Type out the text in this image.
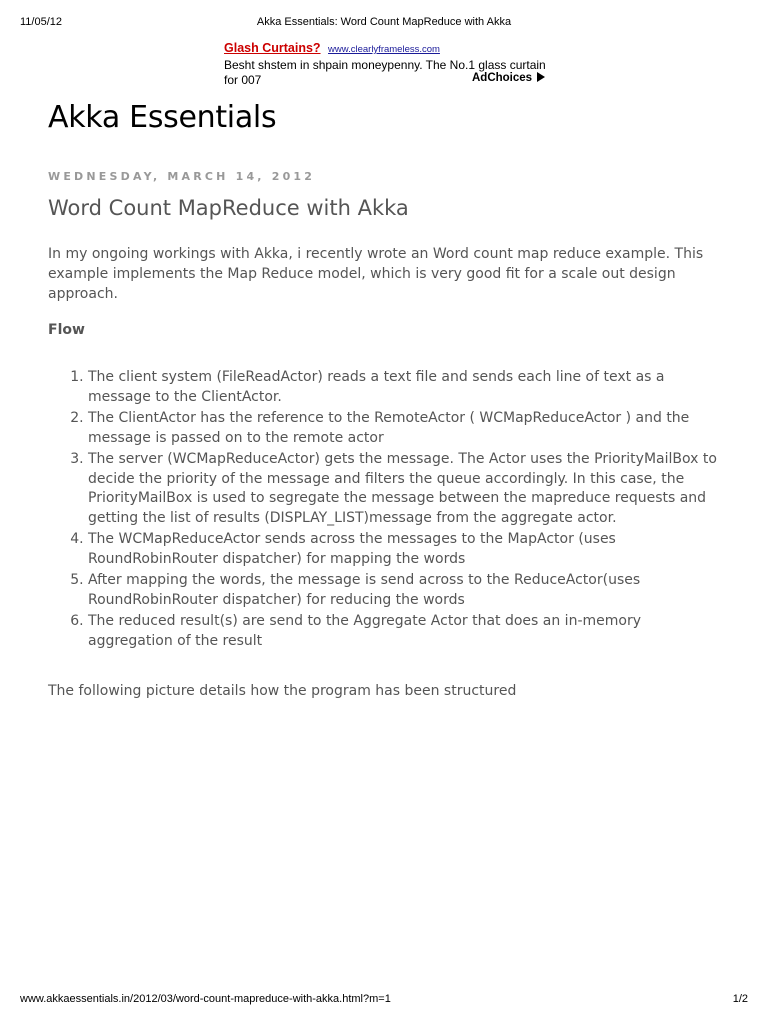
11/05/12	Akka Essentials: Word Count MapReduce with Akka
Glash Curtains? www.clearlyframeless.com
Besht shstem in shpain moneypenny. The No.1 glass curtain for 007	AdChoices
Akka Essentials
WEDNESDAY, MARCH 14, 2012
Word Count MapReduce with Akka

In my ongoing workings with Akka, i recently wrote an Word count map reduce example. This example implements the Map Reduce model, which is very good fit for a scale out design approach.

Flow

1. The client system (FileReadActor) reads a text file and sends each line of text as a message to the ClientActor.
2. The ClientActor has the reference to the RemoteActor ( WCMapReduceActor ) and the message is passed on to the remote actor
3. The server (WCMapReduceActor) gets the message. The Actor uses the PriorityMailBox to decide the priority of the message and filters the queue accordingly. In this case, the PriorityMailBox is used to segregate the message between the mapreduce requests and getting the list of results (DISPLAY_LIST)message from the aggregate actor.
4. The WCMapReduceActor sends across the messages to the MapActor (uses RoundRobinRouter dispatcher) for mapping the words
5. After mapping the words, the message is send across to the ReduceActor(uses RoundRobinRouter dispatcher) for reducing the words
6. The reduced result(s) are send to the Aggregate Actor that does an in-memory aggregation of the result

The following picture details how the program has been structured

www.akkaessentials.in/2012/03/word-count-mapreduce-with-akka.html?m=1	1/2
